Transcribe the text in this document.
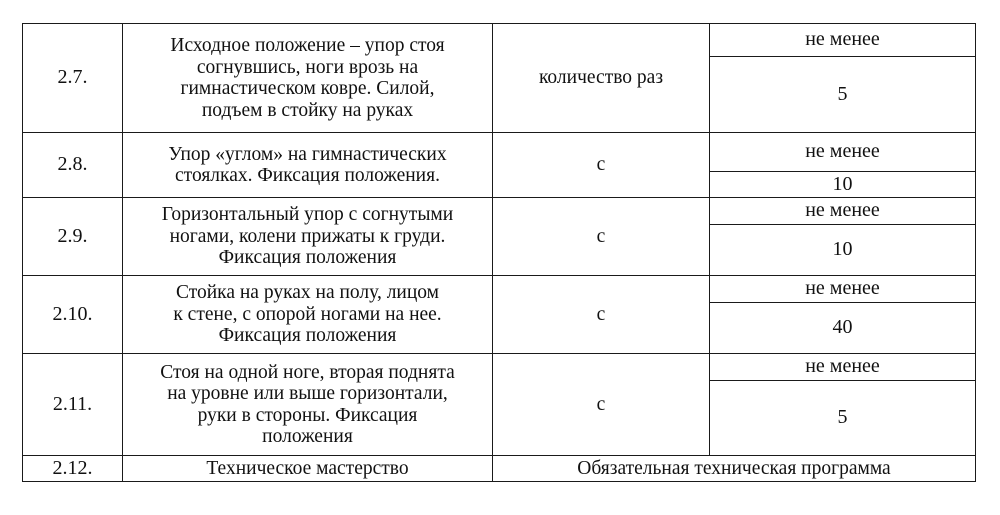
2.7.	Исходное положение – упор стоя
согнувшись, ноги врозь на
гимнастическом ковре. Силой,
подъем в стойку на руках	количество раз	не менее
			5
2.8.	Упор «углом» на гимнастических
стоялках. Фиксация положения.	с	не менее
			10
2.9.	Горизонтальный упор с согнутыми
ногами, колени прижаты к груди.
Фиксация положения	с	не менее
			10
2.10.	Стойка на руках на полу, лицом
к стене, с опорой ногами на нее.
Фиксация положения	с	не менее
			40
2.11.	Стоя на одной ноге, вторая поднята
на уровне или выше горизонтали,
руки в стороны. Фиксация
положения	с	не менее
			5
2.12.	Техническое мастерство	Обязательная техническая программа	
